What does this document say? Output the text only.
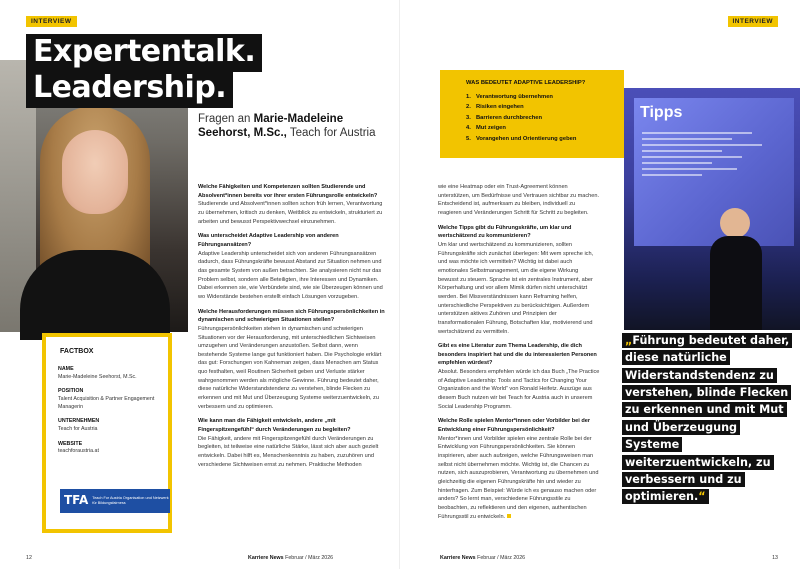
INTERVIEW
Expertentalk.
Leadership.
Fragen an Marie-Madeleine Seehorst, M.Sc., Teach for Austria

Welche Fähigkeiten und Kompetenzen sollten Studierende und Absolvent*innen bereits vor ihrer ersten Führungsrolle entwickeln?
Studierende und Absolvent*innen sollten schon früh lernen, Verantwortung zu übernehmen, kritisch zu denken, Weitblick zu entwickeln, strukturiert zu arbeiten und bewusst Perspektivwechsel einzunehmen.

Was unterscheidet Adaptive Leadership von anderen Führungsansätzen?
Adaptive Leadership unterscheidet sich von anderen Führungsansätzen dadurch, dass Führungskräfte bewusst Abstand zur Situation nehmen und das gesamte System von außen betrachten. Sie analysieren nicht nur das Problem selbst, sondern alle Beteiligten, ihre Interessen und Dynamiken. Dabei erkennen sie, wie Verbündete sind, wie sie Überzeugen können und wo Widerstände bestehen erstellt einfach Lösungen vorzugeben.

Welche Herausforderungen müssen sich Führungspersönlichkeiten in dynamischen und schwierigen Situationen stellen?
Führungspersönlichkeiten stehen in dynamischen und schwierigen Situationen vor der Herausforderung, mit unterschiedlichen Sichtweisen umzugehen und Veränderungen anzustoßen. Selbst dann, wenn bestehende Systeme lange gut funktioniert haben. Die Psychologie erklärt das gut: Forschungen von Kahneman zeigen, dass Menschen am Status quo festhalten, weil Routinen Sicherheit geben und Verluste stärker wahrgenommen werden als mögliche Gewinne. Führung bedeutet daher, diese natürliche Widerstandstendenz zu verstehen, blinde Flecken zu erkennen und mit Mut und Überzeugung Systeme weiterzuentwickeln, zu verbessern und zu optimieren.

Wie kann man die Fähigkeit entwickeln, andere „mit Fingerspitzengefühl“ durch Veränderungen zu begleiten?
Die Fähigkeit, andere mit Fingerspitzengefühl durch Veränderungen zu begleiten, ist teilweise eine natürliche Stärke, lässt sich aber auch gezielt entwickeln. Dabei hilft es, Menschenkenntnis zu haben, zuzuhören und verschiedene Sichtweisen ernst zu nehmen. Praktische Methoden

FACTBOX
NAME
Marie-Madeleine Seehorst, M.Sc.
POSITION
Talent Acquisition & Partner Engagement Managerin
UNTERNEHMEN
Teach for Austria
WEBSITE
teachforaustria.at
TFA	Teach For Austria Organisation und Netzwerk für Bildungsfairness
12	Karriere News Februar / März 2026
INTERVIEW
WAS BEDEUTET ADAPTIVE LEADERSHIP?
1. Verantwortung übernehmen
2. Risiken eingehen
3. Barrieren durchbrechen
4. Mut zeigen
5. Vorangehen und Orientierung geben
Tipps

wie eine Heatmap oder ein Trust-Agreement können unterstützen, um Bedürfnisse und Vertrauen sichtbar zu machen. Entscheidend ist, aufmerksam zu bleiben, individuell zu reagieren und Veränderungen Schritt für Schritt zu begleiten.

Welche Tipps gibt du Führungskräfte, um klar und wertschätzend zu kommunizieren?
Um klar und wertschätzend zu kommunizieren, sollten Führungskräfte sich zunächst überlegen: Mit wem spreche ich, und was möchte ich vermitteln? Wichtig ist dabei auch emotionales Selbstmanagement, um die eigene Wirkung bewusst zu steuern. Sprache ist ein zentrales Instrument, aber Körperhaltung und vor allem Mimik dürfen nicht unterschätzt werden. Bei Missverständnissen kann Reframing helfen, unterschiedliche Perspektiven zu berücksichtigen. Außerdem unterstützen aktives Zuhören und Prinzipien der transformationalen Führung, Botschaften klar, motivierend und wertschätzend zu vermitteln.

Gibt es eine Literatur zum Thema Leadership, die dich besonders inspiriert hat und die du interessierten Personen empfehlen würdest?
Absolut. Besonders empfehlen würde ich das Buch „The Practice of Adaptive Leadership: Tools and Tactics for Changing Your Organization and the World“ von Ronald Heifetz. Auszüge aus diesem Buch nutzen wir bei Teach for Austria auch in unserem Social Leadership Programm.

Welche Rolle spielen Mentor*innen oder Vorbilder bei der Entwicklung einer Führungspersönlichkeit?
Mentor*innen und Vorbilder spielen eine zentrale Rolle bei der Entwicklung von Führungspersönlichkeiten. Sie können inspirieren, aber auch aufzeigen, welche Führungsweisen man selbst nicht übernehmen möchte. Wichtig ist, die Chancen zu nutzen, sich auszuprobieren, Verantwortung zu übernehmen und gleichzeitig die eigenen Führungskräfte hin und wieder zu hinterfragen. Zum Beispiel: Würde ich es genauso machen oder anders? So lernt man, verschiedene Führungsstile zu beobachten, zu reflektieren und den eigenen, authentischen Führungsstil zu entwickeln.

„Führung bedeutet daher, diese natürliche Widerstandstendenz zu verstehen, blinde Flecken zu erkennen und mit Mut und Überzeugung Systeme weiterzuentwickeln, zu verbessern und zu optimieren.“
Karriere News Februar / März 2026	13
